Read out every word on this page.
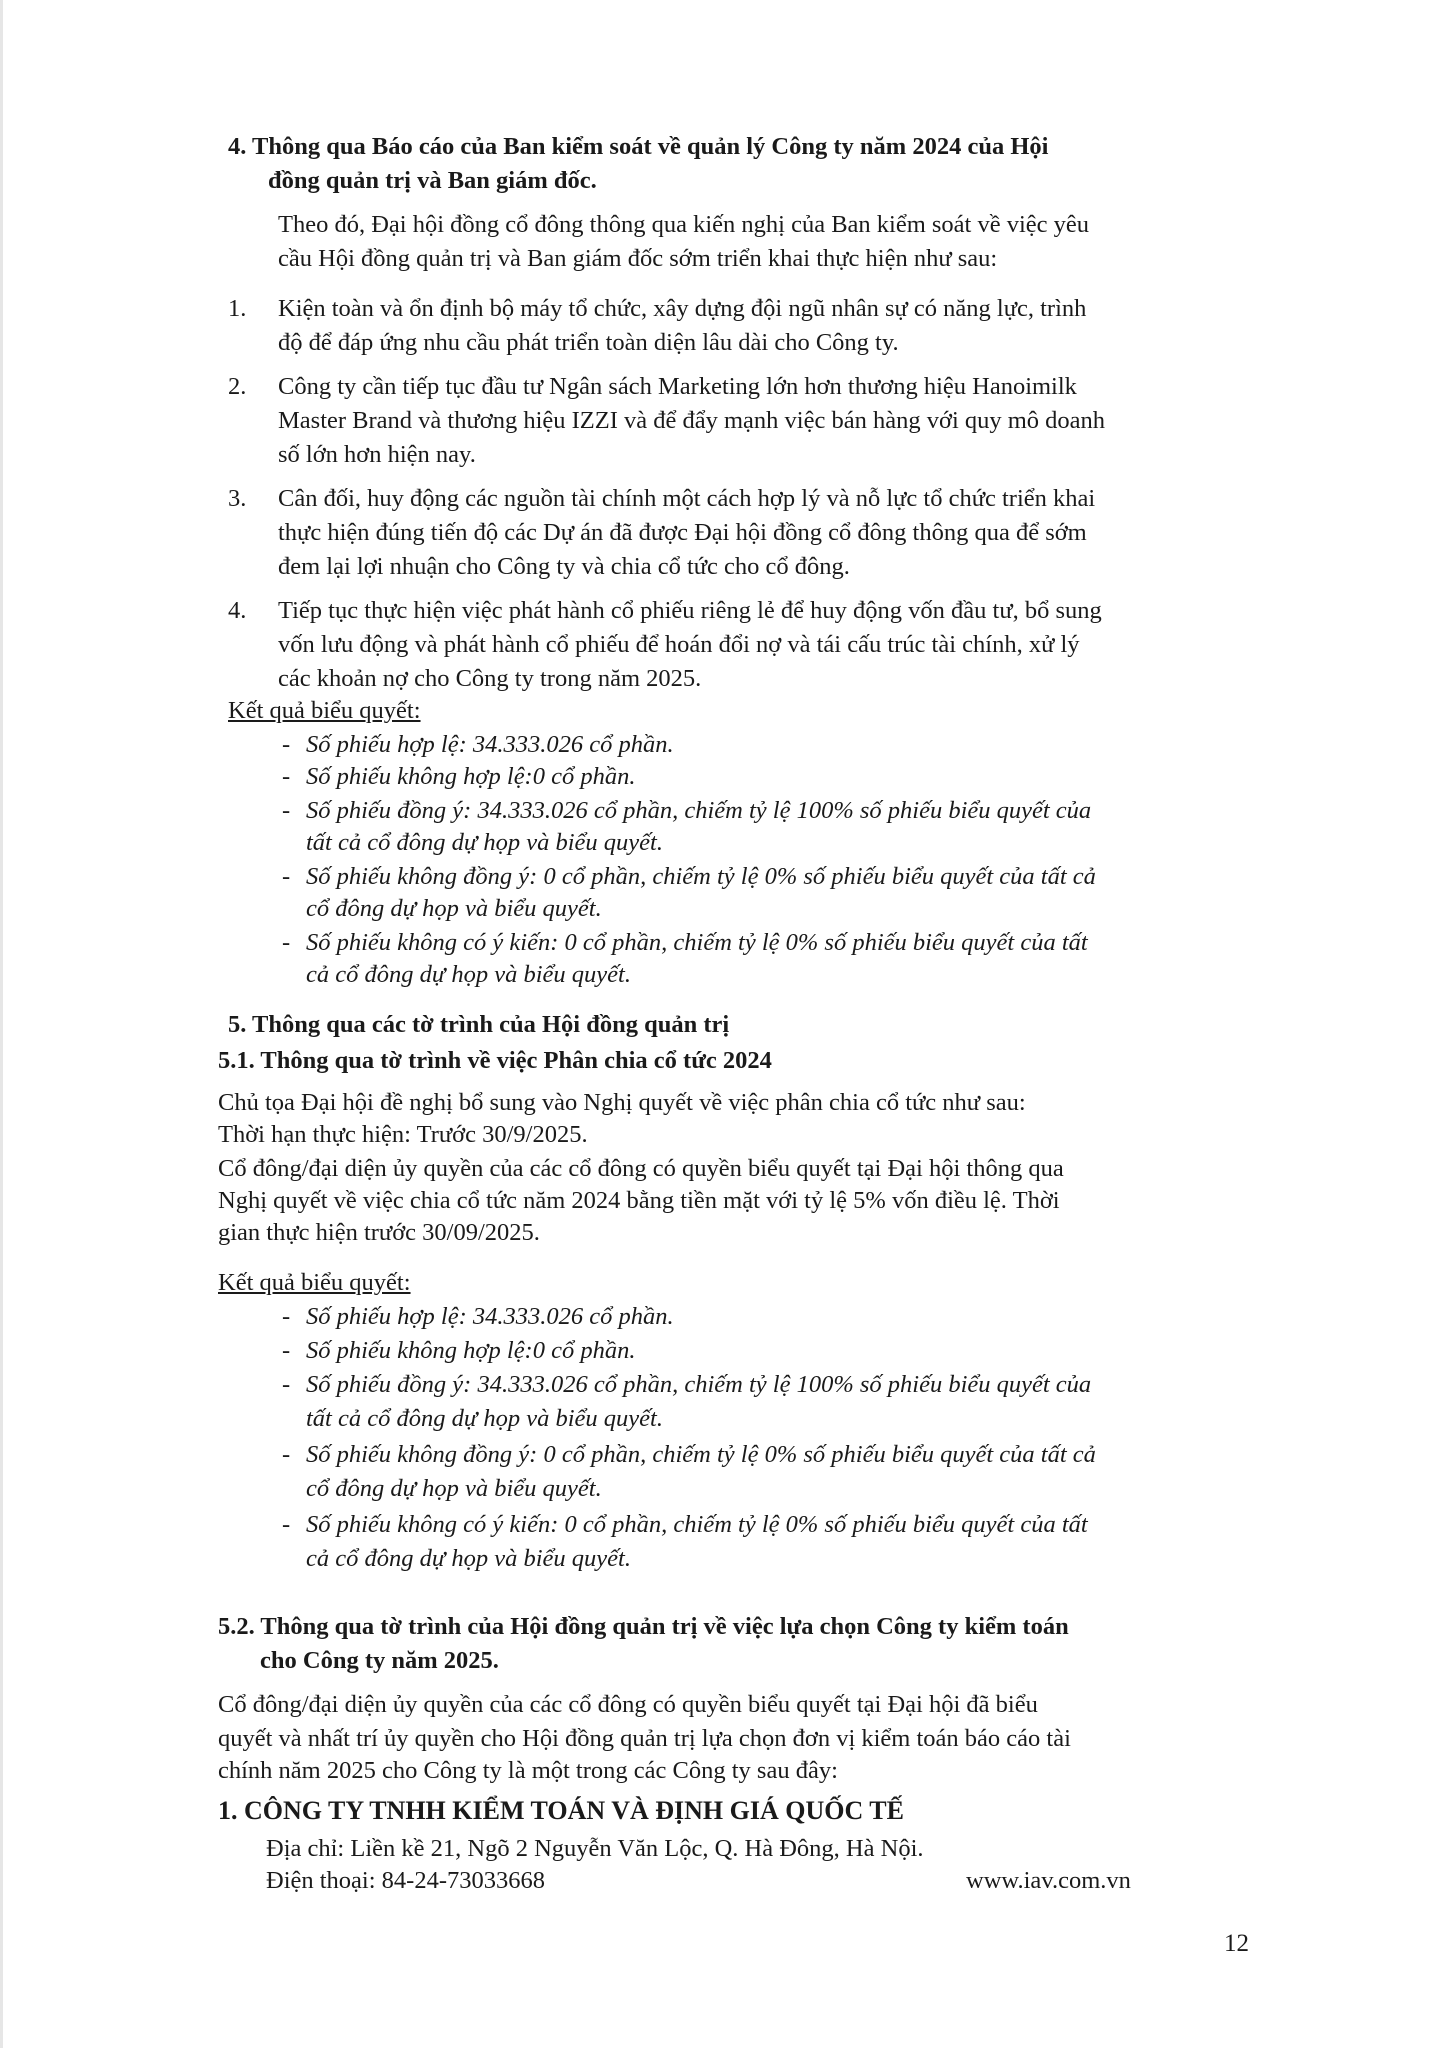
4. Thông qua Báo cáo của Ban kiểm soát về quản lý Công ty năm 2024 của Hội
đồng quản trị và Ban giám đốc.
Theo đó, Đại hội đồng cổ đông thông qua kiến nghị của Ban kiểm soát về việc yêu
cầu Hội đồng quản trị và Ban giám đốc sớm triển khai thực hiện như sau:
1. Kiện toàn và ổn định bộ máy tổ chức, xây dựng đội ngũ nhân sự có năng lực, trình
độ để đáp ứng nhu cầu phát triển toàn diện lâu dài cho Công ty.
2. Công ty cần tiếp tục đầu tư Ngân sách Marketing lớn hơn thương hiệu Hanoimilk
Master Brand và thương hiệu IZZI và để đẩy mạnh việc bán hàng với quy mô doanh
số lớn hơn hiện nay.
3. Cân đối, huy động các nguồn tài chính một cách hợp lý và nỗ lực tổ chức triển khai
thực hiện đúng tiến độ các Dự án đã được Đại hội đồng cổ đông thông qua để sớm
đem lại lợi nhuận cho Công ty và chia cổ tức cho cổ đông.
4. Tiếp tục thực hiện việc phát hành cổ phiếu riêng lẻ để huy động vốn đầu tư, bổ sung
vốn lưu động và phát hành cổ phiếu để hoán đổi nợ và tái cấu trúc tài chính, xử lý
các khoản nợ cho Công ty trong năm 2025.
Kết quả biểu quyết:
- Số phiếu hợp lệ: 34.333.026 cổ phần.
- Số phiếu không hợp lệ:0 cổ phần.
- Số phiếu đồng ý: 34.333.026 cổ phần, chiếm tỷ lệ 100% số phiếu biểu quyết của
tất cả cổ đông dự họp và biểu quyết.
- Số phiếu không đồng ý: 0 cổ phần, chiếm tỷ lệ 0% số phiếu biểu quyết của tất cả
cổ đông dự họp và biểu quyết.
- Số phiếu không có ý kiến: 0 cổ phần, chiếm tỷ lệ 0% số phiếu biểu quyết của tất
cả cổ đông dự họp và biểu quyết.
5. Thông qua các tờ trình của Hội đồng quản trị
5.1. Thông qua tờ trình về việc Phân chia cổ tức 2024
Chủ tọa Đại hội đề nghị bổ sung vào Nghị quyết về việc phân chia cổ tức như sau:
Thời hạn thực hiện: Trước 30/9/2025.
Cổ đông/đại diện ủy quyền của các cổ đông có quyền biểu quyết tại Đại hội thông qua
Nghị quyết về việc chia cổ tức năm 2024 bằng tiền mặt với tỷ lệ 5% vốn điều lệ. Thời
gian thực hiện trước 30/09/2025.
Kết quả biểu quyết:
- Số phiếu hợp lệ: 34.333.026 cổ phần.
- Số phiếu không hợp lệ:0 cổ phần.
- Số phiếu đồng ý: 34.333.026 cổ phần, chiếm tỷ lệ 100% số phiếu biểu quyết của
tất cả cổ đông dự họp và biểu quyết.
- Số phiếu không đồng ý: 0 cổ phần, chiếm tỷ lệ 0% số phiếu biểu quyết của tất cả
cổ đông dự họp và biểu quyết.
- Số phiếu không có ý kiến: 0 cổ phần, chiếm tỷ lệ 0% số phiếu biểu quyết của tất
cả cổ đông dự họp và biểu quyết.
5.2. Thông qua tờ trình của Hội đồng quản trị về việc lựa chọn Công ty kiểm toán
cho Công ty năm 2025.
Cổ đông/đại diện ủy quyền của các cổ đông có quyền biểu quyết tại Đại hội đã biểu
quyết và nhất trí ủy quyền cho Hội đồng quản trị lựa chọn đơn vị kiểm toán báo cáo tài
chính năm 2025 cho Công ty là một trong các Công ty sau đây:
1. CÔNG TY TNHH KIỂM TOÁN VÀ ĐỊNH GIÁ QUỐC TẾ
Địa chỉ: Liền kề 21, Ngõ 2 Nguyễn Văn Lộc, Q. Hà Đông, Hà Nội.
Điện thoại: 84-24-73033668	www.iav.com.vn
12
